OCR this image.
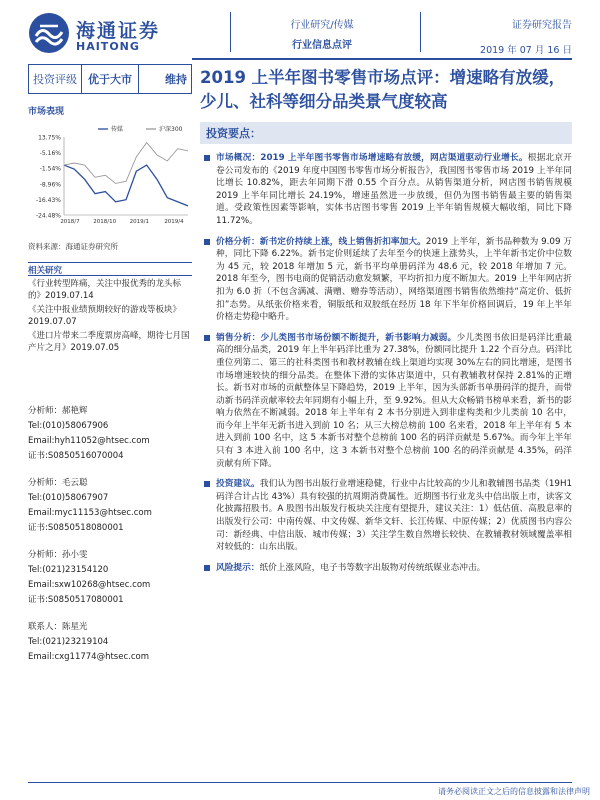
海通证券
HAITONG
行业研究/传媒
行业信息点评
证券研究报告
2019 年 07 月 16 日
投资评级	优于大市	维持
市场表现
13.75%
-5.16%
-1.54%
-8.96%
-16.43%
-24.48%
2018/7 2018/10 2019/1	2019/4
传媒	沪深300
资料来源：海通证券研究所
相关研究
《行业转型阵痛，关注中报优秀的龙头标的》2019.07.14
《关注中报业绩预期较好的游戏等板块》2019.07.07
《进口片带来二季度票房高峰，期待七月国产片之月》2019.07.05
分析师：郝艳辉
Tel:(010)58067906
Email:hyh11052@htsec.com
证书:S0850516070004
分析师：毛云聪
Tel:(010)58067907
Email:myc11153@htsec.com
证书:S0850518080001
分析师：孙小雯
Tel:(021)23154120
Email:sxw10268@htsec.com
证书:S0850517080001
联系人：陈星光
Tel:(021)23219104
Email:cxg11774@htsec.com
2019 上半年图书零售市场点评：增速略有放缓，少儿、社科等细分品类景气度较高
投资要点：
市场概况：2019 上半年图书零售市场增速略有放缓，网店渠道驱动行业增长。根据北京开卷公司发布的《2019 年度中国图书零售市场分析报告》，我国图书零售市场 2019 上半年同比增长 10.82%，距去年同期下滑 0.55 个百分点。从销售渠道分析，网店图书销售规模 2019 上半年同比增长 24.19%，增速虽然进一步放缓，但仍为图书销售最主要的销售渠道。受政策性因素等影响，实体书店图书零售 2019 上半年销售规模大幅收缩，同比下降 11.72%。
价格分析：新书定价持续上涨，线上销售折扣率加大。2019 上半年，新书品种数为 9.09 万种，同比下降 6.22%。新书定价则延续了去年至今的快速上涨势头，上半年新书定价中位数为 45 元，较 2018 年增加 5 元，新书平均单册码洋为 48.6 元，较 2018 年增加 7 元。2018 年至今，图书电商的促销活动愈发频繁，平均折扣力度不断加大。2019 上半年网店折扣为 6.0 折（不包含满减、满赠、赠券等活动），网络渠道图书销售依然维持“高定价、低折扣”态势。从纸张价格来看，铜版纸和双胶纸在经历 18 年下半年价格回调后，19 年上半年价格走势稳中略升。
销售分析：少儿类图书市场份额不断提升，新书影响力减弱。少儿类图书依旧是码洋比重最高的细分品类，2019 年上半年码洋比重为 27.38%，份额同比提升 1.22 个百分点。码洋比重位列第二、第三的社科类图书和教材教辅在线上渠道均实现 30%左右的同比增速，是图书市场增速较快的细分品类。在整体下滑的实体店渠道中，只有教辅教材保持 2.81%的正增长。新书对市场的贡献整体呈下降趋势，2019 上半年，因为头部新书单册码洋的提升，而带动新书码洋贡献率较去年同期有小幅上升，至 9.92%。但从大众畅销书榜单来看，新书的影响力依然在不断减弱。2018 年上半年有 2 本书分别进入到非虚构类和少儿类前 10 名中，而今年上半年无新书进入到前 10 名；从三大榜总榜前 100 名来看，2018 年上半年有 5 本进入到前 100 名中，这 5 本新书对整个总榜前 100 名的码洋贡献是 5.67%。而今年上半年只有 3 本进入前 100 名中，这 3 本新书对整个总榜前 100 名的码洋贡献是 4.35%，码洋贡献有所下降。
投资建议。我们认为图书出版行业增速稳健，行业中占比较高的少儿和教辅图书品类（19H1 码洋合计占比 43%）具有较强的抗周期消费属性。近期图书行业龙头中信出版上市，读客文化披露招股书。A 股图书出版发行板块关注度有望提升，建议关注：1）低估值、高股息率的出版发行公司：中南传媒、中文传媒、新华文轩、长江传媒、中原传媒；2）优质图书内容公司：新经典、中信出版、城市传媒；3）关注学生数自然增长较快、在教辅教材领域覆盖率相对较低的：山东出版。
风险提示：纸价上涨风险，电子书等数字出版物对传统纸媒业态冲击。
请务必阅读正文之后的信息披露和法律声明
